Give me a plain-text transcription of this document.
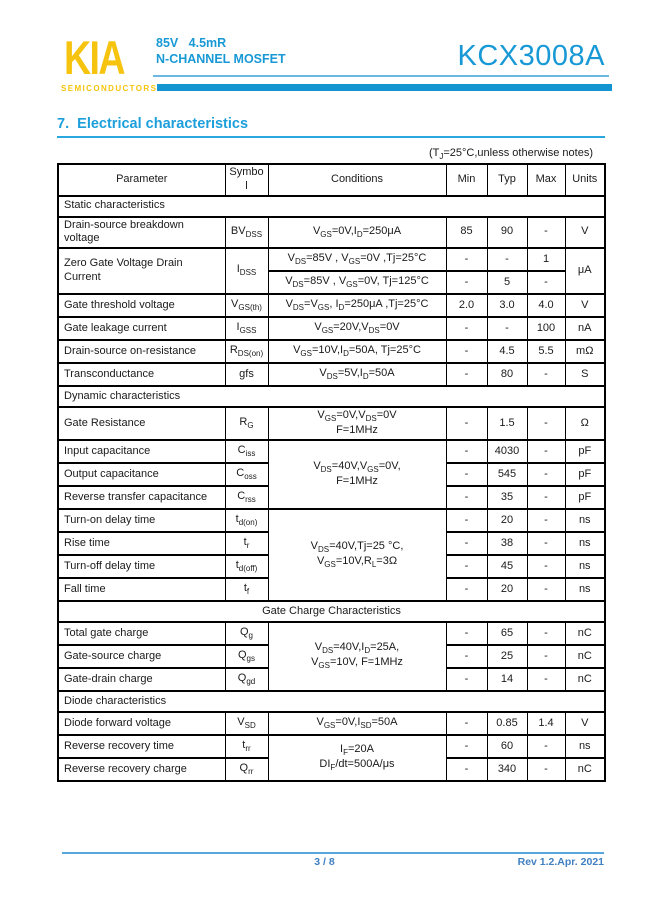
KIA
SEMICONDUCTORS
85V   4.5mR
N-CHANNEL MOSFET	KCX3008A
7.  Electrical characteristics
($T_J=25^\circ C,unless$ otherwise notes)
Parameter	Symbol	Conditions	Min	Typ	Max	Units
Static characteristics						
Drain-source breakdown voltage	$BV_{DSS}$	$V_{GS}=0V,I_D=250\mu A$	85	90	-	V
Zero Gate Voltage Drain Current	$I_{DSS}$	$V_{DS}=85V$ , $V_{GS}=0V$ ,Tj=25°C	-	-	1	μA
		$V_{DS}=85V$ , $V_{GS}=0V$, Tj=125°C	-	5	-	
Gate threshold voltage	$V_{GS(th)}$	$V_{DS}=V_{GS}$, $I_D=250\mu A$ ,Tj=25°C	2.0	3.0	4.0	V
Gate leakage current	$I_{GSS}$	$V_{GS}=20V,V_{DS}=0V$	-	-	100	nA
Drain-source on-resistance	$R_{DS(on)}$	$V_{GS}=10V,I_D=50A$, Tj=25°C	-	4.5	5.5	mΩ
Transconductance	gfs	$V_{DS}=5V,I_D=50A$	-	80	-	S
Dynamic characteristics						
Gate Resistance	$R_G$	$V_{GS}=0V,V_{DS}=0V$
F=1MHz	-	1.5	-	Ω
Input capacitance	$C_{iss}$	$V_{DS}=40V,V_{GS}=0V$,
F=1MHz	-	4030	-	pF
Output capacitance	$C_{oss}$		-	545	-	pF
Reverse transfer capacitance	$C_{rss}$		-	35	-	pF
Turn-on delay time	$t_{d(on)}$	$V_{DS}=40V,Tj=25$ °C,
$V_{GS}=10V,R_L=3\Omega$	-	20	-	ns
Rise time	$t_r$		-	38	-	ns
Turn-off delay time	$t_{d(off)}$		-	45	-	ns
Fall time	$t_f$		-	20	-	ns
Gate Charge Characteristics						
Total gate charge	$Q_g$	$V_{DS}=40V,I_D=25A$,
$V_{GS}=10V$, F=1MHz	-	65	-	nC
Gate-source charge	$Q_{gs}$		-	25	-	nC
Gate-drain charge	$Q_{gd}$		-	14	-	nC
Diode characteristics						
Diode forward voltage	$V_{SD}$	$V_{GS}=0V,I_{SD}=50A$	-	0.85	1.4	V
Reverse recovery time	$t_{rr}$	$I_F=20A$
$DI_F/dt=500A/\mu s$	-	60	-	ns
Reverse recovery charge	$Q_{rr}$		-	340	-	nC
3 / 8	Rev 1.2.Apr. 2021
